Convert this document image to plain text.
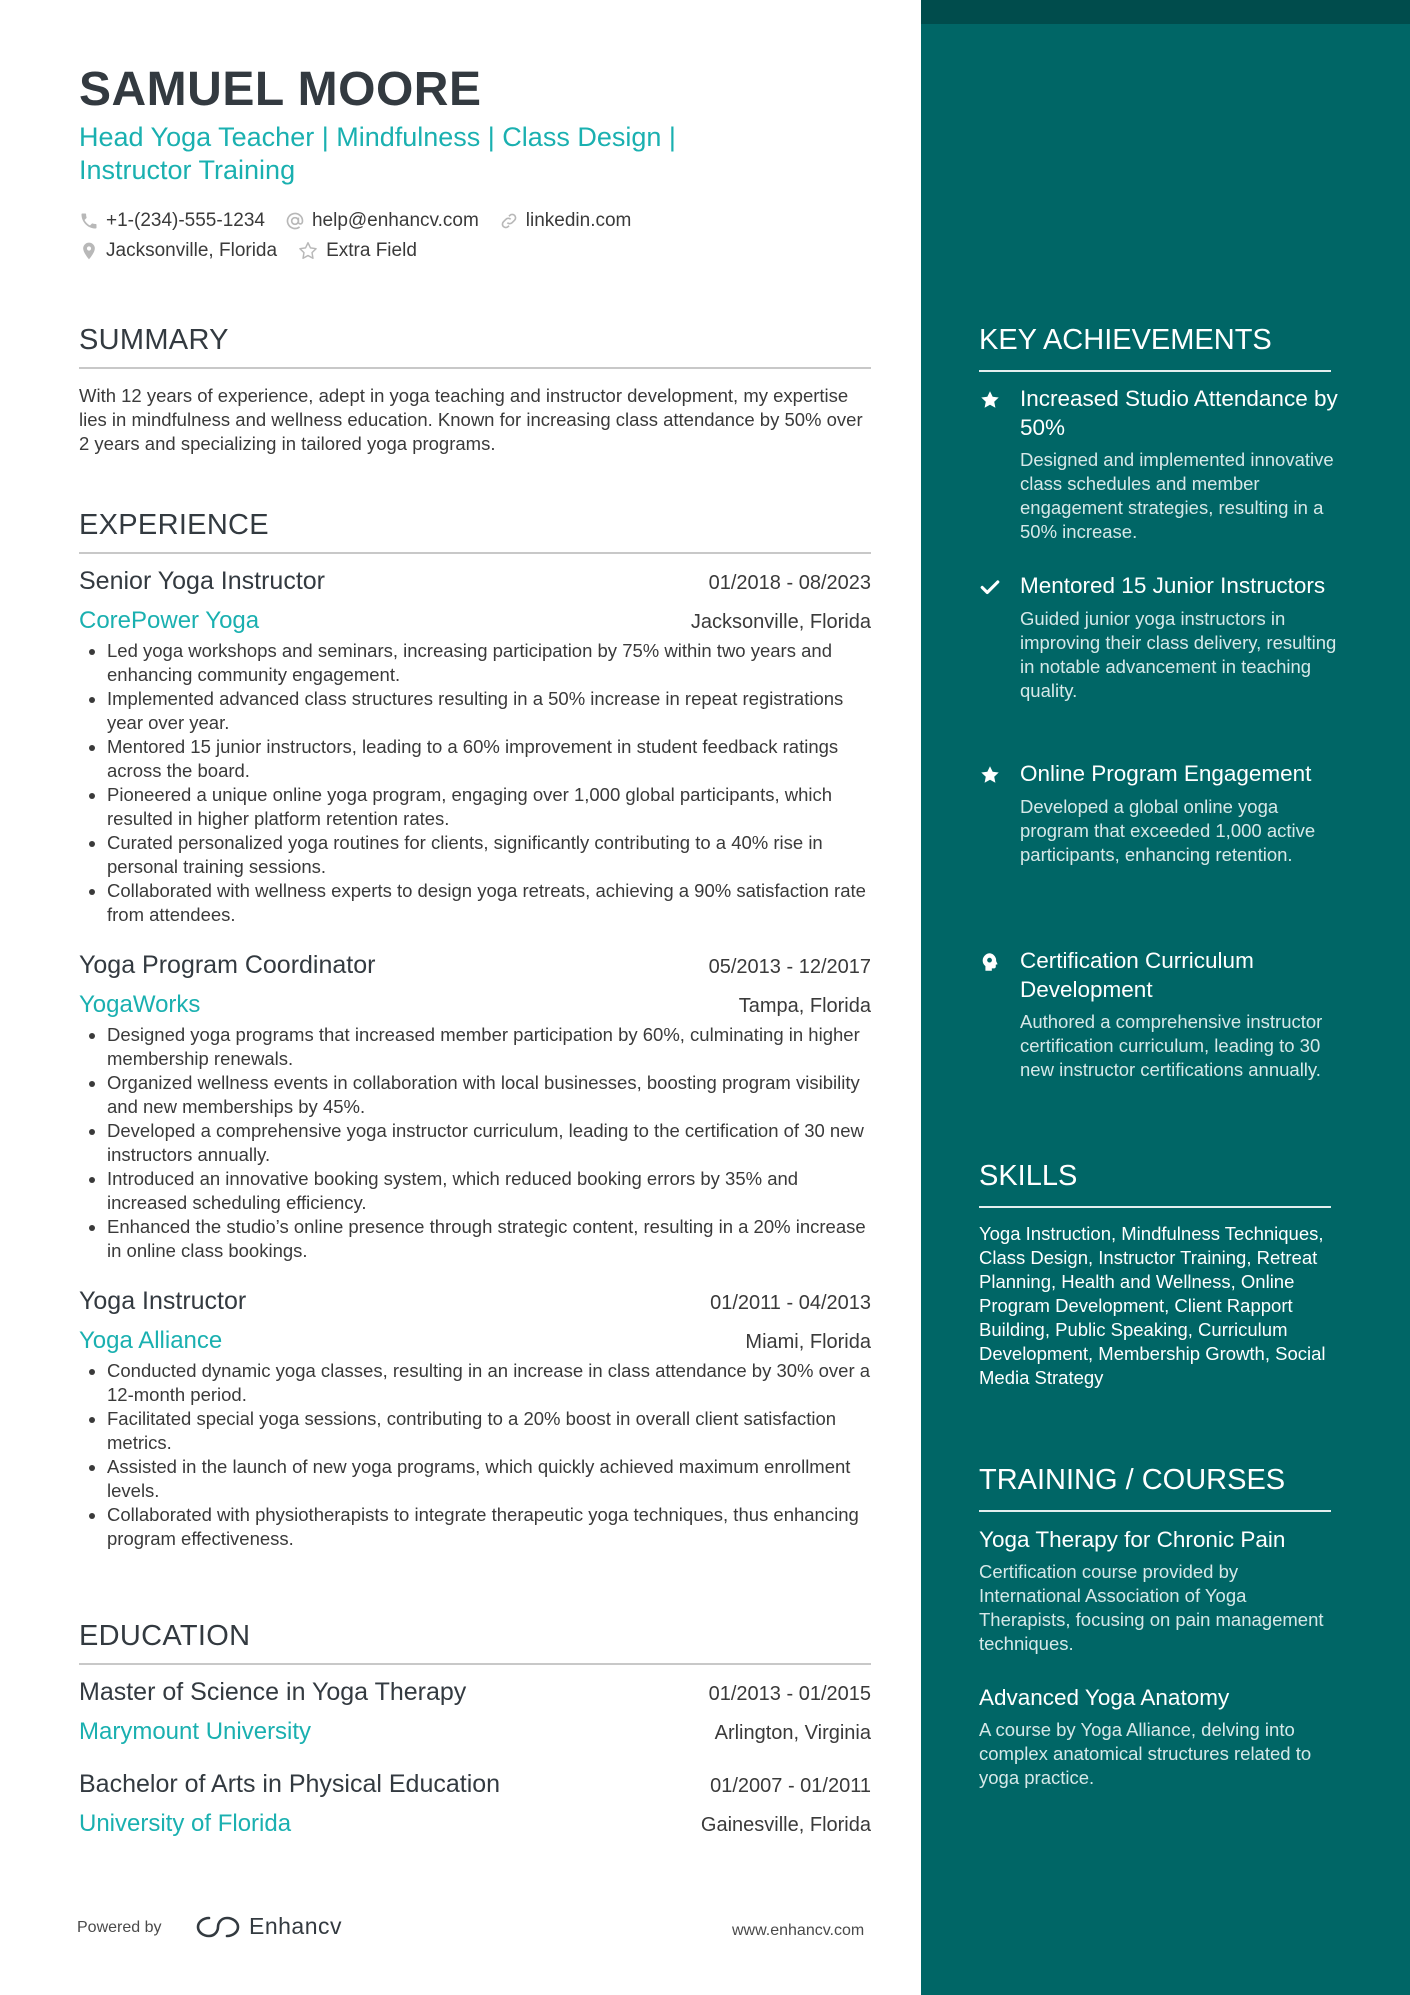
SAMUEL MOORE
Head Yoga Teacher | Mindfulness | Class Design | Instructor Training
+1-(234)-555-1234 help@enhancv.com linkedin.com
Jacksonville, Florida	Extra Field
SUMMARY
With 12 years of experience, adept in yoga teaching and instructor development, my expertise lies in mindfulness and wellness education. Known for increasing class attendance by 50% over 2 years and specializing in tailored yoga programs.
EXPERIENCE
Senior Yoga Instructor	01/2018 - 08/2023
CorePower Yoga	Jacksonville, Florida
• Led yoga workshops and seminars, increasing participation by 75% within two years and enhancing community engagement.
• Implemented advanced class structures resulting in a 50% increase in repeat registrations year over year.
• Mentored 15 junior instructors, leading to a 60% improvement in student feedback ratings across the board.
• Pioneered a unique online yoga program, engaging over 1,000 global participants, which resulted in higher platform retention rates.
• Curated personalized yoga routines for clients, significantly contributing to a 40% rise in personal training sessions.
• Collaborated with wellness experts to design yoga retreats, achieving a 90% satisfaction rate from attendees.
Yoga Program Coordinator	05/2013 - 12/2017
YogaWorks	Tampa, Florida
• Designed yoga programs that increased member participation by 60%, culminating in higher membership renewals.
• Organized wellness events in collaboration with local businesses, boosting program visibility and new memberships by 45%.
• Developed a comprehensive yoga instructor curriculum, leading to the certification of 30 new instructors annually.
• Introduced an innovative booking system, which reduced booking errors by 35% and increased scheduling efficiency.
• Enhanced the studio’s online presence through strategic content, resulting in a 20% increase in online class bookings.
Yoga Instructor	01/2011 - 04/2013
Yoga Alliance	Miami, Florida
• Conducted dynamic yoga classes, resulting in an increase in class attendance by 30% over a 12-month period.
• Facilitated special yoga sessions, contributing to a 20% boost in overall client satisfaction metrics.
• Assisted in the launch of new yoga programs, which quickly achieved maximum enrollment levels.
• Collaborated with physiotherapists to integrate therapeutic yoga techniques, thus enhancing program effectiveness.
EDUCATION
Master of Science in Yoga Therapy	01/2013 - 01/2015
Marymount University	Arlington, Virginia
Bachelor of Arts in Physical Education	01/2007 - 01/2011
University of Florida	Gainesville, Florida
KEY ACHIEVEMENTS
Increased Studio Attendance by 50%
Designed and implemented innovative class schedules and member engagement strategies, resulting in a 50% increase.
Mentored 15 Junior Instructors
Guided junior yoga instructors in improving their class delivery, resulting in notable advancement in teaching quality.
Online Program Engagement
Developed a global online yoga program that exceeded 1,000 active participants, enhancing retention.
Certification Curriculum Development
Authored a comprehensive instructor certification curriculum, leading to 30 new instructor certifications annually.
SKILLS
Yoga Instruction, Mindfulness Techniques, Class Design, Instructor Training, Retreat Planning, Health and Wellness, Online Program Development, Client Rapport Building, Public Speaking, Curriculum Development, Membership Growth, Social Media Strategy
TRAINING / COURSES
Yoga Therapy for Chronic Pain
Certification course provided by International Association of Yoga Therapists, focusing on pain management techniques.
Advanced Yoga Anatomy
A course by Yoga Alliance, delving into complex anatomical structures related to yoga practice.
Powered by	Enhancv	www.enhancv.com
